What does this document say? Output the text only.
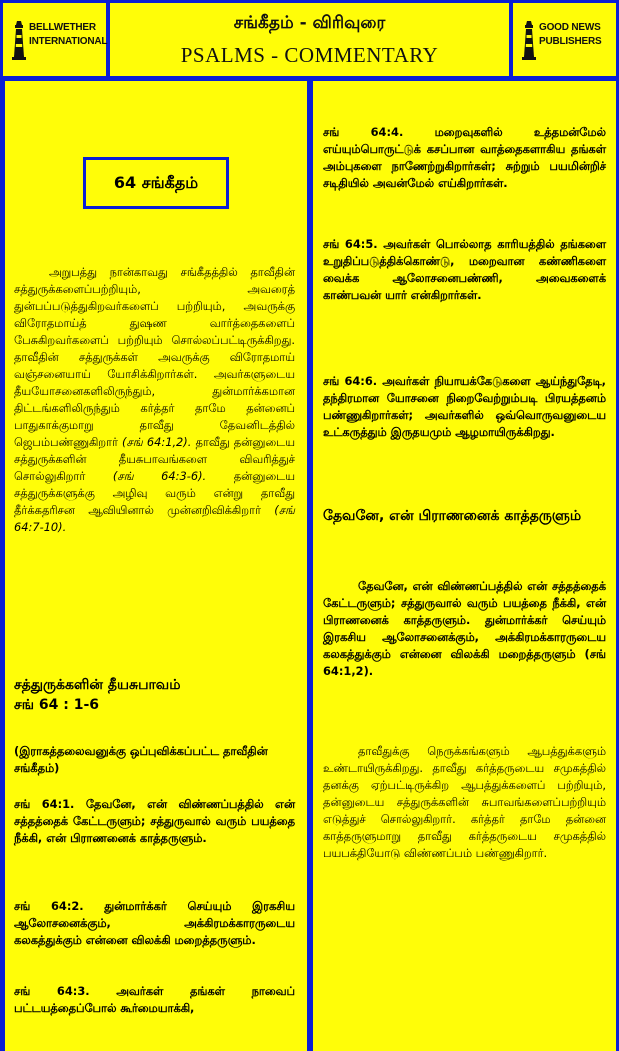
BELLWETHER
INTERNATIONAL
சங்கீதம் - விரிவுரை
PSALMS - COMMENTARY
GOOD NEWS
PUBLISHERS
64 சங்கீதம்
அறுபத்து நான்காவது சங்கீதத்தில் தாவீதின் சத்துருக்களைப்பற்றியும், அவரைத் துன்பப்படுத்துகிறவர்களைப் பற்றியும், அவருக்கு விரோதமாய்த் துஷண வார்த்தைகளைப் பேசுகிறவர்களைப் பற்றியும் சொல்லப்பட்டிருக்கிறது. தாவீதின் சத்துருக்கள் அவருக்கு விரோதமாய் வஞ்சனையாய் யோசிக்கிறார்கள். அவர்களுடைய தீயயோசனைகளிலிருந்தும், துன்மார்க்கமான திட்டங்களிலிருந்தும் கர்த்தர் தாமே தன்னைப் பாதுகாக்குமாறு தாவீது தேவனிடத்தில் ஜெபம்பண்ணுகிறார் (சங் 64:1,2). தாவீது தன்னுடைய சத்துருக்களின் தீயசுபாவங்களை விவரித்துச் சொல்லுகிறார் (சங் 64:3-6). தன்னுடைய சத்துருக்களுக்கு அழிவு வரும் என்று தாவீது தீர்க்கதரிசன ஆவியினால் முன்னறிவிக்கிறார் (சங் 64:7-10).
சத்துருக்களின் தீயசுபாவம்
சங் 64 : 1-6
(இராகத்தலைவனுக்கு ஒப்புவிக்கப்பட்ட தாவீதின் சங்கீதம்)
சங் 64:1. தேவனே, என் விண்ணப்பத்தில் என் சத்தத்தைக் கேட்டருளும்; சத்துருவால் வரும் பயத்தை நீக்கி, என் பிராணனைக் காத்தருளும்.
சங் 64:2. துன்மார்க்கர் செய்யும் இரகசிய ஆலோசனைக்கும், அக்கிரமக்காரருடைய கலகத்துக்கும் என்னை விலக்கி மறைத்தருளும்.
சங் 64:3. அவர்கள் தங்கள் நாவைப் பட்டயத்தைப்போல் கூர்மையாக்கி,
சங் 64:4. மறைவுகளில் உத்தமன்மேல் எய்யும்பொருட்டுக் கசப்பான வாத்தைகளாகிய தங்கள் அம்புகளை நாணேற்றுகிறார்கள்; சுற்றும் பயமின்றிச் சடிதியில் அவன்மேல் எய்கிறார்கள்.
சங் 64:5. அவர்கள் பொல்லாத காரியத்தில் தங்களை உறுதிப்படுத்திக்கொண்டு, மறைவான கண்ணிகளை வைக்க ஆலோசனைபண்ணி, அவைகளைக் காண்பவன் யார் என்கிறார்கள்.
சங் 64:6. அவர்கள் நியாயக்கேடுகளை ஆய்ந்துதேடி, தந்திரமான யோசனை நிறைவேற்றும்படி பிரயத்தனம் பண்ணுகிறார்கள்; அவர்களில் ஒவ்வொருவனுடைய உட்கருத்தும் இருதயமும் ஆழமாயிருக்கிறது.
தேவனே, என் பிராணனைக் காத்தருளும்
தேவனே, என் விண்ணப்பத்தில் என் சத்தத்தைக் கேட்டருளும்; சத்துருவால் வரும் பயத்தை நீக்கி, என் பிராணனைக் காத்தருளும். துன்மார்க்கர் செய்யும் இரகசிய ஆலோசனைக்கும், அக்கிரமக்காரருடைய கலகத்துக்கும் என்னை விலக்கி மறைத்தருளும் (சங் 64:1,2).
தாவீதுக்கு நெருக்கங்களும் ஆபத்துக்களும் உண்டாயிருக்கிறது. தாவீது கர்த்தருடைய சமுகத்தில் தனக்கு ஏற்பட்டிருக்கிற ஆபத்துக்களைப் பற்றியும், தன்னுடைய சத்துருக்களின் சுபாவங்களைப்பற்றியும் எடுத்துச் சொல்லுகிறார். கர்த்தர் தாமே தன்னை காத்தருளுமாறு தாவீது கர்த்தருடைய சமுகத்தில் பயபக்தியோடு விண்ணப்பம் பண்ணுகிறார்.
